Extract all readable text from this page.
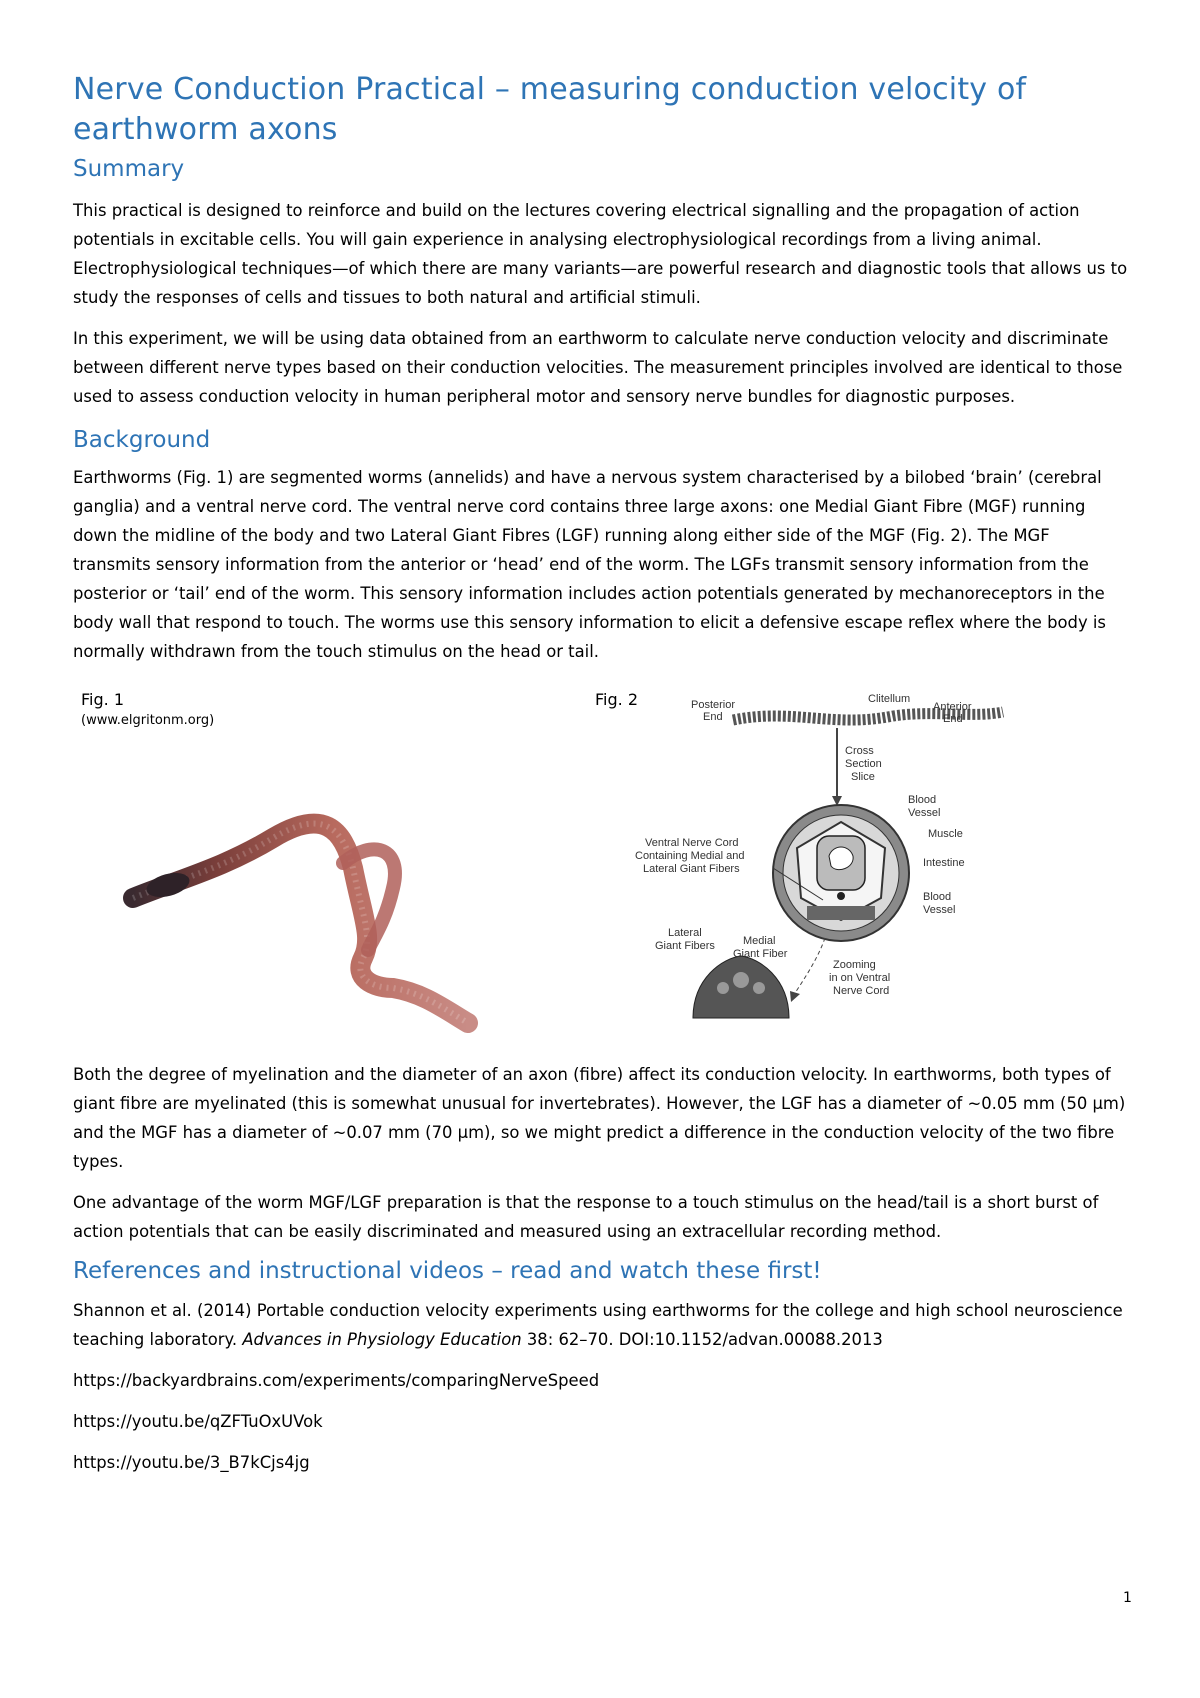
Nerve Conduction Practical – measuring conduction velocity of earthworm axons
Summary

This practical is designed to reinforce and build on the lectures covering electrical signalling and the propagation of action potentials in excitable cells. You will gain experience in analysing electrophysiological recordings from a living animal. Electrophysiological techniques—of which there are many variants—are powerful research and diagnostic tools that allows us to study the responses of cells and tissues to both natural and artificial stimuli.

In this experiment, we will be using data obtained from an earthworm to calculate nerve conduction velocity and discriminate between different nerve types based on their conduction velocities. The measurement principles involved are identical to those used to assess conduction velocity in human peripheral motor and sensory nerve bundles for diagnostic purposes.

Background

Earthworms (Fig. 1) are segmented worms (annelids) and have a nervous system characterised by a bilobed ‘brain’ (cerebral ganglia) and a ventral nerve cord. The ventral nerve cord contains three large axons: one Medial Giant Fibre (MGF) running down the midline of the body and two Lateral Giant Fibres (LGF) running along either side of the MGF (Fig. 2). The MGF transmits sensory information from the anterior or ‘head’ end of the worm. The LGFs transmit sensory information from the posterior or ‘tail’ end of the worm. This sensory information includes action potentials generated by mechanoreceptors in the body wall that respond to touch. The worms use this sensory information to elicit a defensive escape reflex where the body is normally withdrawn from the touch stimulus on the head or tail.

Fig. 1
(www.elgritonm.org)
Fig. 2	Posterior
End
Clitellum
Anterior
End
Cross
Section
Slice
Blood
Vessel
Muscle
Intestine
Blood
Vessel
Ventral Nerve Cord
Containing Medial and
Lateral Giant Fibers
Lateral
Giant Fibers	Medial
Giant Fiber
Zooming
in on Ventral
Nerve Cord

Both the degree of myelination and the diameter of an axon (fibre) affect its conduction velocity. In earthworms, both types of giant fibre are myelinated (this is somewhat unusual for invertebrates). However, the LGF has a diameter of ~0.05 mm (50 µm) and the MGF has a diameter of ~0.07 mm (70 µm), so we might predict a difference in the conduction velocity of the two fibre types.

One advantage of the worm MGF/LGF preparation is that the response to a touch stimulus on the head/tail is a short burst of action potentials that can be easily discriminated and measured using an extracellular recording method.

References and instructional videos – read and watch these first!

Shannon et al. (2014) Portable conduction velocity experiments using earthworms for the college and high school neuroscience teaching laboratory. Advances in Physiology Education 38: 62–70. DOI:10.1152/advan.00088.2013

https://backyardbrains.com/experiments/comparingNerveSpeed

https://youtu.be/qZFTuOxUVok

https://youtu.be/3_B7kCjs4jg

1
